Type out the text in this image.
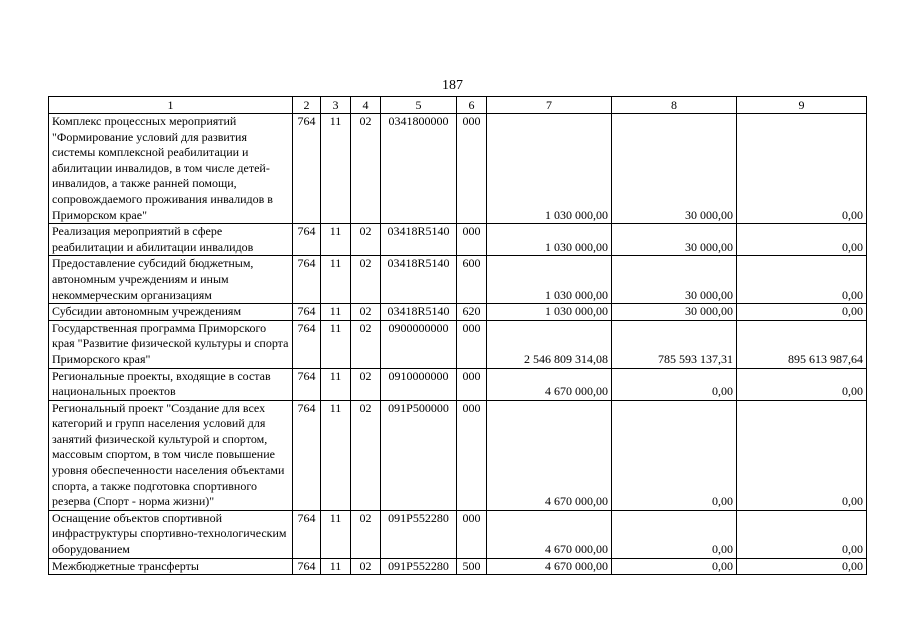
187
1	2	3	4	5	6	7	8	9
Комплекс процессных мероприятий "Формирование условий для развития системы комплексной реабилитации и абилитации инвалидов, в том числе детей-инвалидов, а также ранней помощи, сопровождаемого проживания инвалидов в Приморском крае"	764	11	02	0341800000	000	1 030 000,00	30 000,00	0,00
Реализация мероприятий в сфере реабилитации и абилитации инвалидов	764	11	02	03418R5140	000	1 030 000,00	30 000,00	0,00
Предоставление субсидий бюджетным, автономным учреждениям и иным некоммерческим организациям	764	11	02	03418R5140	600	1 030 000,00	30 000,00	0,00
Субсидии автономным учреждениям	764	11	02	03418R5140	620	1 030 000,00	30 000,00	0,00
Государственная программа Приморского края "Развитие физической культуры и спорта Приморского края"	764	11	02	0900000000	000	2 546 809 314,08	785 593 137,31	895 613 987,64
Региональные проекты, входящие в состав национальных проектов	764	11	02	0910000000	000	4 670 000,00	0,00	0,00
Региональный проект "Создание для всех категорий и групп населения условий для занятий физической культурой и спортом, массовым спортом, в том числе повышение уровня обеспеченности населения объектами спорта, а также подготовка спортивного резерва (Спорт - норма жизни)"	764	11	02	091P500000	000	4 670 000,00	0,00	0,00
Оснащение объектов спортивной инфраструктуры спортивно-технологическим оборудованием	764	11	02	091P552280	000	4 670 000,00	0,00	0,00
Межбюджетные трансферты	764	11	02	091P552280	500	4 670 000,00	0,00	0,00
